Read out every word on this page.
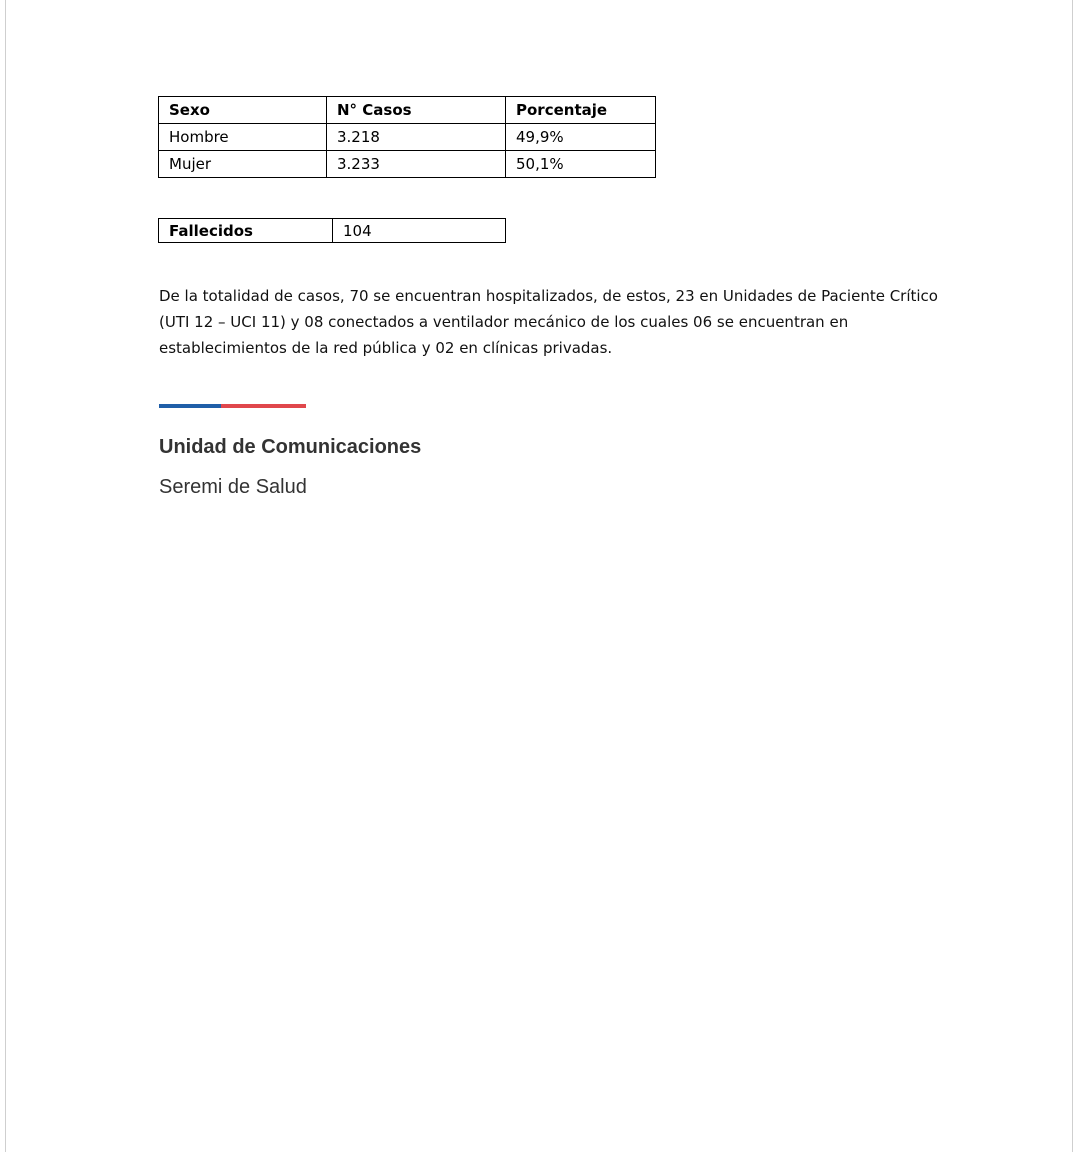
Sexo	N° Casos	Porcentaje
Hombre	3.218	49,9%
Mujer	3.233	50,1%
Fallecidos	104

De la totalidad de casos, 70 se encuentran hospitalizados, de estos, 23 en Unidades de Paciente Crítico (UTI 12 – UCI 11) y 08 conectados a ventilador mecánico de los cuales 06 se encuentran en establecimientos de la red pública y 02 en clínicas privadas.

Unidad de Comunicaciones

Seremi de Salud
